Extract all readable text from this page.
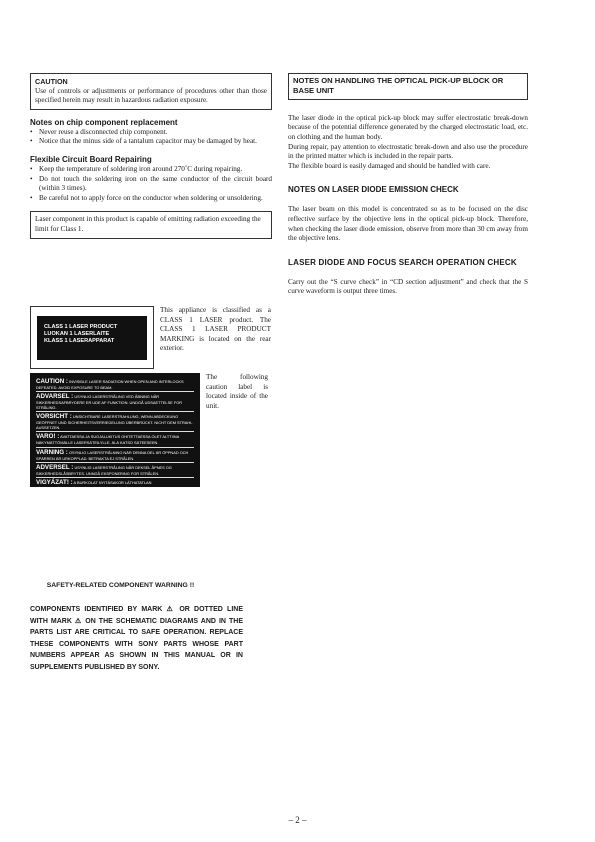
CAUTION
Use of controls or adjustments or performance of procedures other than those specified herein may result in hazardous radiation exposure.
Notes on chip component replacement
• Never reuse a disconnected chip component.
• Notice that the minus side of a tantalum capacitor may be damaged by heat.
Flexible Circuit Board Repairing
• Keep the temperature of soldering iron around 270˚C during repairing.
• Do not touch the soldering iron on the same conductor of the circuit board (within 3 times).
• Be careful not to apply force on the conductor when soldering or unsoldering.
Laser component in this product is capable of emitting radiation exceeding the limit for Class 1.
CLASS 1 LASER PRODUCT
LUOKAN 1 LASERLAITE
KLASS 1 LASERAPPARAT
This appliance is classified as a CLASS 1 LASER product. The CLASS 1 LASER PRODUCT MARKING is located on the rear exterior.
CAUTION : INVISIBLE LASER RADIATION WHEN OPEN AND INTERLOCKS DEFEATED. AVOID EXPOSURE TO BEAM.
ADVARSEL : USYNLIG LASERSTRÅLING VED ÅBNING NÅR SIKKERHEDSAFBRYDERE ER UDE AF FUNKTION. UNDGÅ UDSAETTELSE FOR STRÅLING.
VORSICHT : UNSICHTBARE LASERSTRAHLUNG, WENN ABDECKUNG GEÖFFNET UND SICHERHEITSVERRIEGELUNG ÜBERBRÜCKT. NICHT DEM STRAHL AUSSETZEN.
VARO! : AVATTAESSA JA SUOJALUKITUS OHITETTAESSA OLET ALTTIINA NÄKYMÄTTÖMÄLLE LASERSÄTEILYLLE. ÄLÄ KATSO SÄTEESEEN.
VARNING : OSYNLIG LASERSTRÅLNING NÄR DENNA DEL ÄR ÖPPNAD OCH SPÄRREN ÄR URKOPPLAD. BETRAKTA EJ STRÅLEN.
ADVERSEL : USYNLIG LASERSTRÅLING NÅR DEKSEL ÅPNES OG SIKKERHEDSLÅSBRYTES. UNNGÅ EKSPONERING FOR STRÅLEN.
VIGYÁZAT! : A BURKOLAT NYITÁSAKOR LÁTHATATLAN LÉZERSUGÁRVESZÉLY! KERÜLJE A BESUGÁRZÁST!
The following caution label is located inside of the unit.
SAFETY-RELATED COMPONENT WARNING !!
COMPONENTS IDENTIFIED BY MARK ⚠ OR DOTTED LINE WITH MARK ⚠ ON THE SCHEMATIC DIAGRAMS AND IN THE PARTS LIST ARE CRITICAL TO SAFE OPERATION. REPLACE THESE COMPONENTS WITH SONY PARTS WHOSE PART NUMBERS APPEAR AS SHOWN IN THIS MANUAL OR IN SUPPLEMENTS PUBLISHED BY SONY.
NOTES ON HANDLING THE OPTICAL PICK-UP BLOCK OR BASE UNIT

The laser diode in the optical pick-up block may suffer electrostatic break-down because of the potential difference generated by the charged electrostatic load, etc. on clothing and the human body.

During repair, pay attention to electrostatic break-down and also use the procedure in the printed matter which is included in the repair parts.

The flexible board is easily damaged and should be handled with care.

NOTES ON LASER DIODE EMISSION CHECK

The laser beam on this model is concentrated so as to be focused on the disc reflective surface by the objective lens in the optical pick-up block. Therefore, when checking the laser diode emission, observe from more than 30 cm away from the objective lens.

LASER DIODE AND FOCUS SEARCH OPERATION CHECK

Carry out the “S curve check” in “CD section adjustment” and check that the S curve waveform is output three times.

– 2 –
